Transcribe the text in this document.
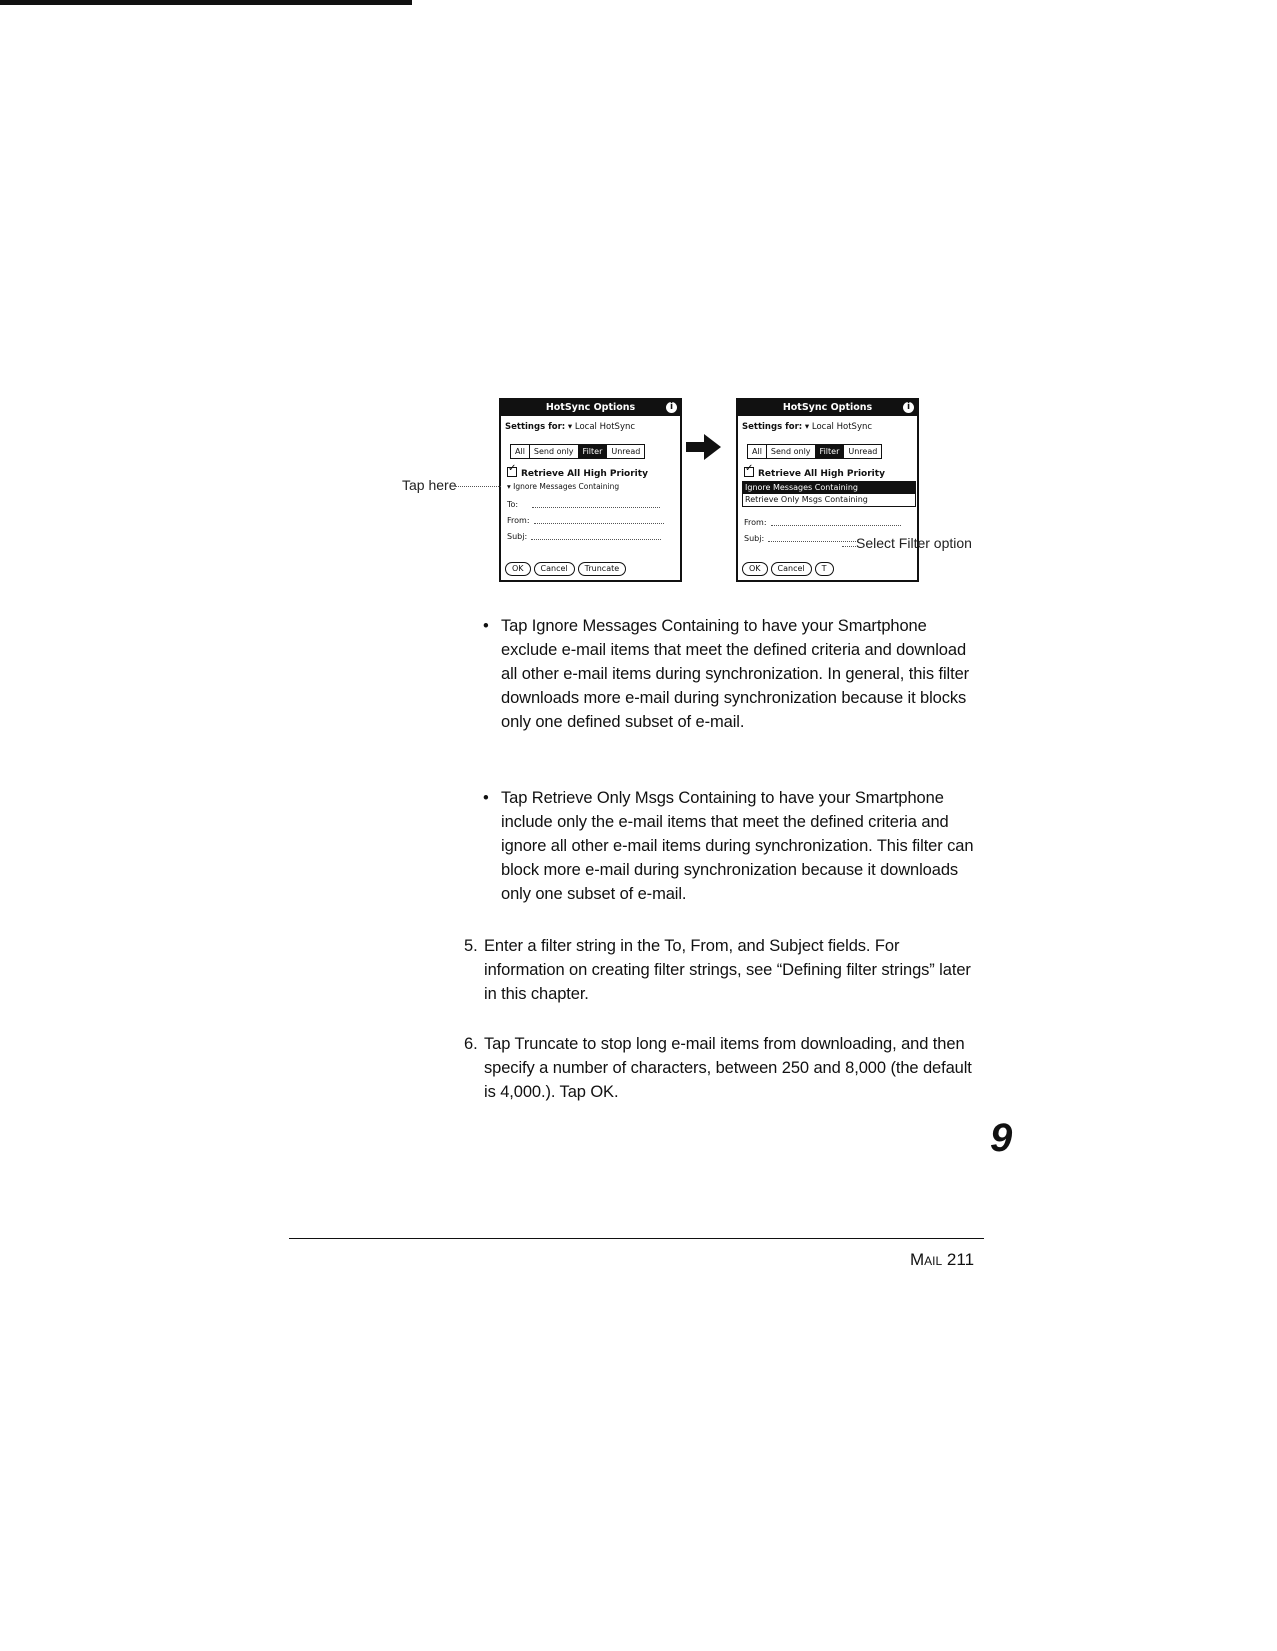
HotSync Options	i
Settings for: ▾ Local HotSync
All	Send only	Filter	Unread
✓Retrieve All High Priority
▾ Ignore Messages Containing
To:
From:
Subj:
OK	Cancel	Truncate
HotSync Options	i
Settings for: ▾ Local HotSync
All	Send only	Filter	Unread
✓Retrieve All High Priority
Ignore Messages Containing
Retrieve Only Msgs Containing
From:
Subj:
OK	Cancel	T
Tap here
Select Filter option
• Tap Ignore Messages Containing to have your Smartphone exclude e-mail items that meet the defined criteria and download all other e-mail items during synchronization. In general, this filter downloads more e-mail during synchronization because it blocks only one defined subset of e-mail.
• Tap Retrieve Only Msgs Containing to have your Smartphone include only the e-mail items that meet the defined criteria and ignore all other e-mail items during synchronization. This filter can block more e-mail during synchronization because it downloads only one subset of e-mail.
5. Enter a filter string in the To, From, and Subject fields. For information on creating filter strings, see “Defining filter strings” later in this chapter.
6. Tap Truncate to stop long e-mail items from downloading, and then specify a number of characters, between 250 and 8,000 (the default is 4,000.). Tap OK.
9
Mail 211
